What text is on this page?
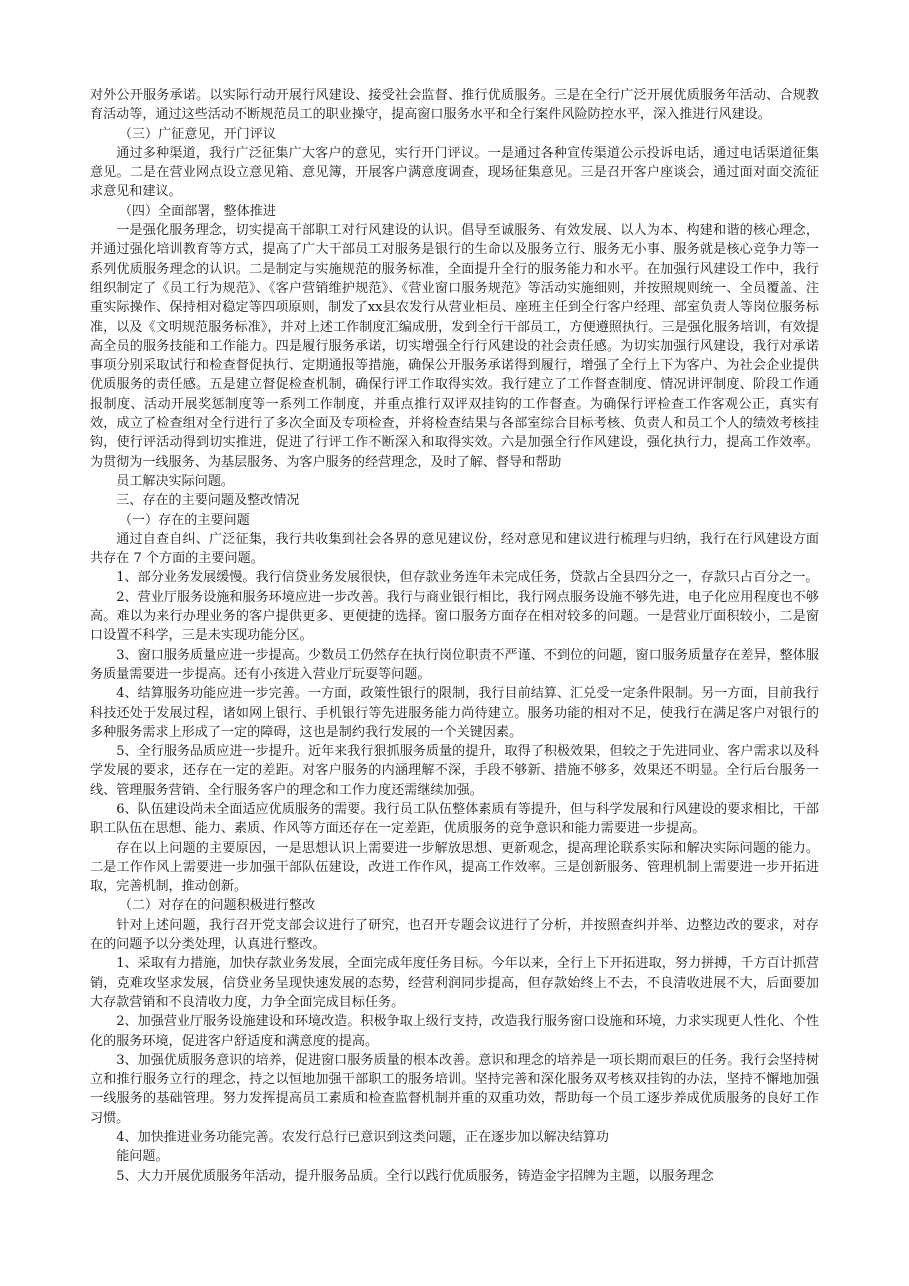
对外公开服务承诺。以实际行动开展行风建设、接受社会监督、推行优质服务。三是在全行广泛开展优质服务年活动、合规教育活动等，通过这些活动不断规范员工的职业操守，提高窗口服务水平和全行案件风险防控水平，深入推进行风建设。

（三）广征意见，开门评议

通过多种渠道，我行广泛征集广大客户的意见，实行开门评议。一是通过各种宣传渠道公示投诉电话，通过电话渠道征集意见。二是在营业网点设立意见箱、意见簿，开展客户满意度调查，现场征集意见。三是召开客户座谈会，通过面对面交流征求意见和建议。

（四）全面部署，整体推进

一是强化服务理念，切实提高干部职工对行风建设的认识。倡导至诚服务、有效发展、以人为本、构建和谐的核心理念，并通过强化培训教育等方式，提高了广大干部员工对服务是银行的生命以及服务立行、服务无小事、服务就是核心竞争力等一系列优质服务理念的认识。二是制定与实施规范的服务标准，全面提升全行的服务能力和水平。在加强行风建设工作中，我行组织制定了《员工行为规范》、《客户营销维护规范》、《营业窗口服务规范》等活动实施细则，并按照规则统一、全员覆盖、注重实际操作、保持相对稳定等四项原则，制发了xx县农发行从营业柜员、座班主任到全行客户经理、部室负责人等岗位服务标准，以及《文明规范服务标准》，并对上述工作制度汇编成册，发到全行干部员工，方便遵照执行。三是强化服务培训，有效提高全员的服务技能和工作能力。四是履行服务承诺，切实增强全行行风建设的社会责任感。为切实加强行风建设，我行对承诺事项分别采取试行和检查督促执行、定期通报等措施，确保公开服务承诺得到履行，增强了全行上下为客户、为社会企业提供优质服务的责任感。五是建立督促检查机制，确保行评工作取得实效。我行建立了工作督查制度、情况讲评制度、阶段工作通报制度、活动开展奖惩制度等一系列工作制度，并重点推行双评双挂钩的工作督查。为确保行评检查工作客观公正，真实有效，成立了检查组对全行进行了多次全面及专项检查，并将检查结果与各部室综合目标考核、负责人和员工个人的绩效考核挂钩，使行评活动得到切实推进，促进了行评工作不断深入和取得实效。六是加强全行作风建设，强化执行力，提高工作效率。为贯彻为一线服务、为基层服务、为客户服务的经营理念，及时了解、督导和帮助

员工解决实际问题。

三、存在的主要问题及整改情况

（一）存在的主要问题

通过自查自纠、广泛征集，我行共收集到社会各界的意见建议份，经对意见和建议进行梳理与归纳，我行在行风建设方面共存在 7 个方面的主要问题。

1、部分业务发展缓慢。我行信贷业务发展很快，但存款业务连年未完成任务，贷款占全县四分之一，存款只占百分之一。

2、营业厅服务设施和服务环境应进一步改善。我行与商业银行相比，我行网点服务设施不够先进，电子化应用程度也不够高。难以为来行办理业务的客户提供更多、更便捷的选择。窗口服务方面存在相对较多的问题。一是营业厅面积较小，二是窗口设置不科学，三是未实现功能分区。

3、窗口服务质量应进一步提高。少数员工仍然存在执行岗位职责不严谨、不到位的问题，窗口服务质量存在差异，整体服务质量需要进一步提高。还有小孩进入营业厅玩耍等问题。

4、结算服务功能应进一步完善。一方面，政策性银行的限制，我行目前结算、汇兑受一定条件限制。另一方面，目前我行科技还处于发展过程，诸如网上银行、手机银行等先进服务能力尚待建立。服务功能的相对不足，使我行在满足客户对银行的多种服务需求上形成了一定的障碍，这也是制约我行发展的一个关键因素。

5、全行服务品质应进一步提升。近年来我行狠抓服务质量的提升，取得了积极效果，但较之于先进同业、客户需求以及科学发展的要求，还存在一定的差距。对客户服务的内涵理解不深，手段不够新、措施不够多，效果还不明显。全行后台服务一线、管理服务营销、全行服务客户的理念和工作力度还需继续加强。

6、队伍建设尚未全面适应优质服务的需要。我行员工队伍整体素质有等提升，但与科学发展和行风建设的要求相比，干部职工队伍在思想、能力、素质、作风等方面还存在一定差距，优质服务的竞争意识和能力需要进一步提高。

存在以上问题的主要原因，一是思想认识上需要进一步解放思想、更新观念，提高理论联系实际和解决实际问题的能力。二是工作作风上需要进一步加强干部队伍建设，改进工作作风，提高工作效率。三是创新服务、管理机制上需要进一步开拓进取，完善机制，推动创新。

（二）对存在的问题积极进行整改

针对上述问题，我行召开党支部会议进行了研究，也召开专题会议进行了分析，并按照查纠并举、边整边改的要求，对存在的问题予以分类处理，认真进行整改。

1、采取有力措施，加快存款业务发展，全面完成年度任务目标。今年以来，全行上下开拓进取，努力拼搏，千方百计抓营销，克难攻坚求发展，信贷业务呈现快速发展的态势，经营利润同步提高，但存款始终上不去，不良清收进展不大，后面要加大存款营销和不良清收力度，力争全面完成目标任务。

2、加强营业厅服务设施建设和环境改造。积极争取上级行支持，改造我行服务窗口设施和环境，力求实现更人性化、个性化的服务环境，促进客户舒适度和满意度的提高。

3、加强优质服务意识的培养，促进窗口服务质量的根本改善。意识和理念的培养是一项长期而艰巨的任务。我行会坚持树立和推行服务立行的理念，持之以恒地加强干部职工的服务培训。坚持完善和深化服务双考核双挂钩的办法，坚持不懈地加强一线服务的基础管理。努力发挥提高员工素质和检查监督机制并重的双重功效，帮助每一个员工逐步养成优质服务的良好工作习惯。

4、加快推进业务功能完善。农发行总行已意识到这类问题，正在逐步加以解决结算功

能问题。

5、大力开展优质服务年活动，提升服务品质。全行以践行优质服务，铸造金字招牌为主题，以服务理念
